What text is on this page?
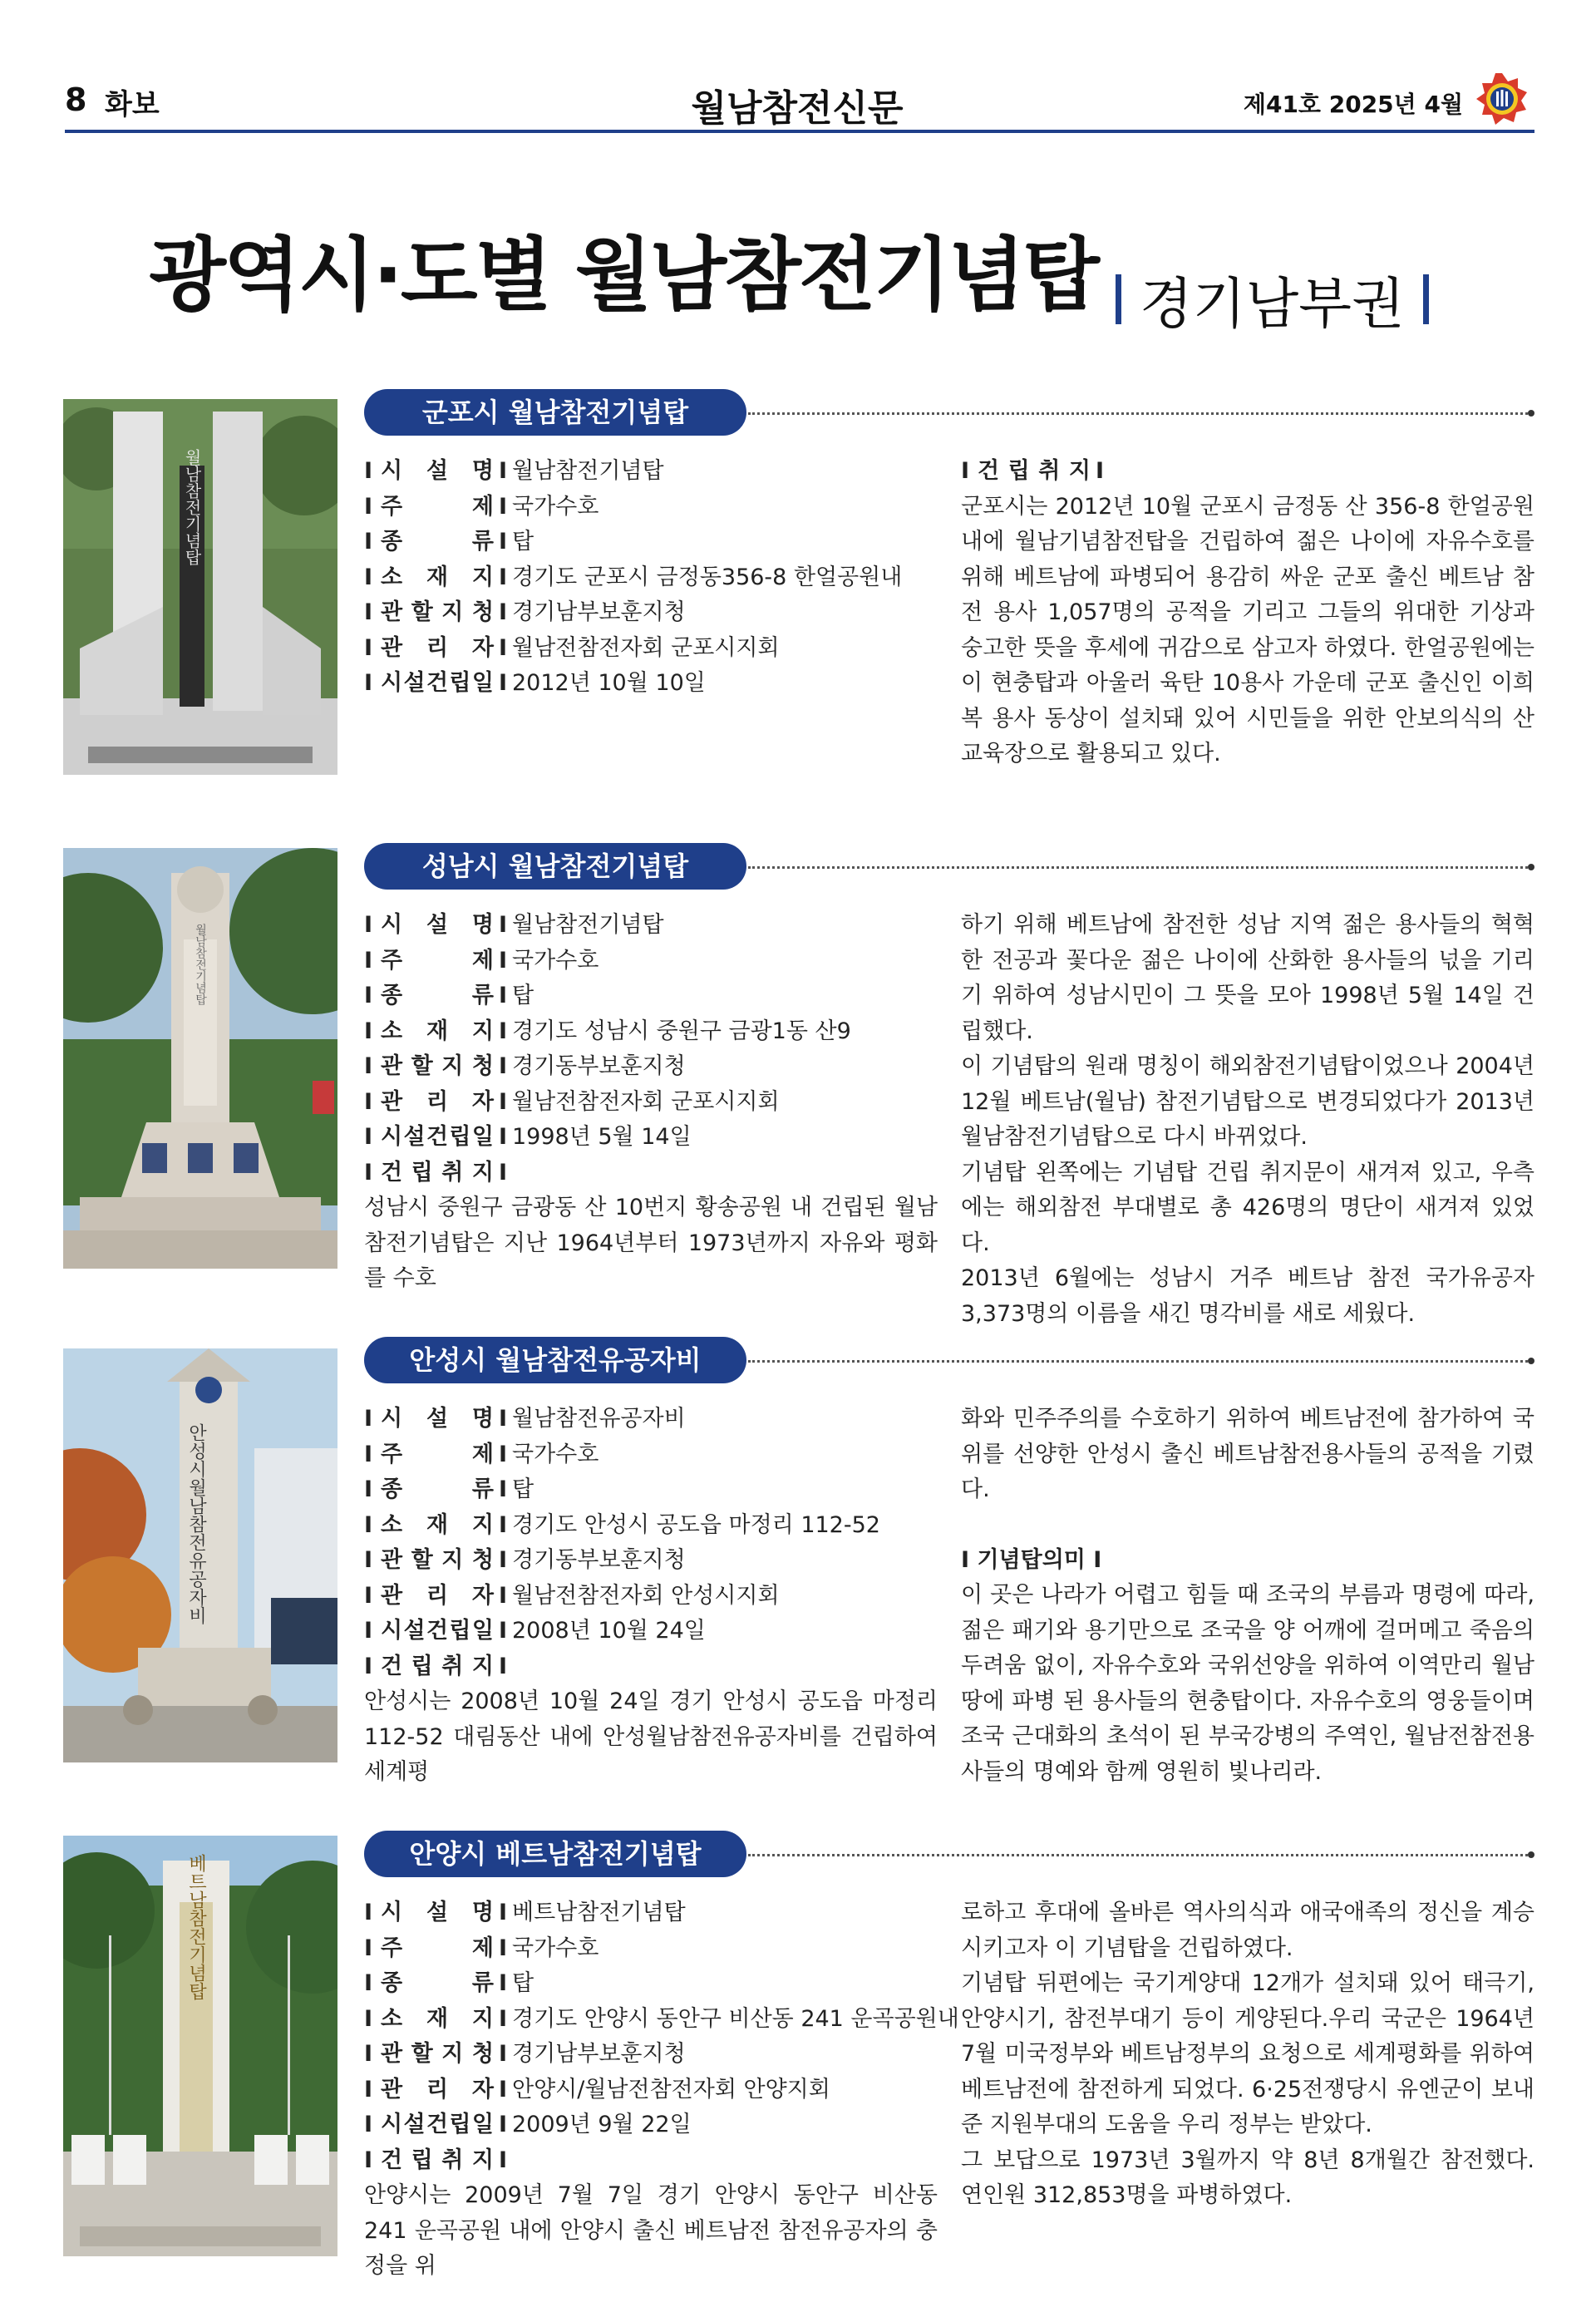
8 화보	월남참전신문	제41호 2025년 4월
광역시·도별 월남참전기념탑 경기남부권
월남참전기념탑
군포시 월남참전기념탑
I 시 설 명 I 월남참전기념탑
I 주	제 I 국가수호
I 종	류 I 탑
I 소 재 지 I 경기도 군포시 금정동356-8 한얼공원내
I 관 할 지 청 I 경기남부보훈지청
I 관 리 자 I 월남전참전자회 군포시지회
I 시 설 건 립 일 I 2012년 10월 10일
I 건 립 취 지 I
군포시는 2012년 10월 군포시 금정동 산 356-8 한얼공원 내에 월남기념참전탑을 건립하여 젊은 나이에 자유수호를 위해 베트남에 파병되어 용감히 싸운 군포 출신 베트남 참전 용사 1,057명의 공적을 기리고 그들의 위대한 기상과 숭고한 뜻을 후세에 귀감으로 삼고자 하였다. 한얼공원에는 이 현충탑과 아울러 육탄 10용사 가운데 군포 출신인 이희복 용사 동상이 설치돼 있어 시민들을 위한 안보의식의 산 교육장으로 활용되고 있다.
월남참전기념탑
성남시 월남참전기념탑
I 시 설 명 I 월남참전기념탑
I 주	제 I 국가수호
I 종	류 I 탑
I 소 재 지 I 경기도 성남시 중원구 금광1동 산9
I 관 할 지 청 I 경기동부보훈지청
I 관 리 자 I 월남전참전자회 군포시지회
I 시 설 건 립 일 I 1998년 5월 14일
I 건 립 취 지 I
성남시 중원구 금광동 산 10번지 황송공원 내 건립된 월남참전기념탑은 지난 1964년부터 1973년까지 자유와 평화를 수호
하기 위해 베트남에 참전한 성남 지역 젊은 용사들의 혁혁한 전공과 꽃다운 젊은 나이에 산화한 용사들의 넋을 기리기 위하여 성남시민이 그 뜻을 모아 1998년 5월 14일 건립했다.
이 기념탑의 원래 명칭이 해외참전기념탑이었으나 2004년 12월 베트남(월남) 참전기념탑으로 변경되었다가 2013년 월남참전기념탑으로 다시 바뀌었다.
기념탑 왼쪽에는 기념탑 건립 취지문이 새겨져 있고, 우측에는 해외참전 부대별로 총 426명의 명단이 새겨져 있었다.
2013년 6월에는 성남시 거주 베트남 참전 국가유공자 3,373명의 이름을 새긴 명각비를 새로 세웠다.
안성시월남참전유공자비
안성시 월남참전유공자비
I 시 설 명 I 월남참전유공자비
I 주	제 I 국가수호
I 종	류 I 탑
I 소 재 지 I 경기도 안성시 공도읍 마정리 112-52
I 관 할 지 청 I 경기동부보훈지청
I 관 리 자 I 월남전참전자회 안성시지회
I 시 설 건 립 일 I 2008년 10월 24일
I 건 립 취 지 I
안성시는 2008년 10월 24일 경기 안성시 공도읍 마정리 112-52 대림동산 내에 안성월남참전유공자비를 건립하여 세계평
화와 민주주의를 수호하기 위하여 베트남전에 참가하여 국위를 선양한 안성시 출신 베트남참전용사들의 공적을 기렸다.
I 기념탑의미 I
이 곳은 나라가 어렵고 힘들 때 조국의 부름과 명령에 따라, 젊은 패기와 용기만으로 조국을 양 어깨에 걸머메고 죽음의 두려움 없이, 자유수호와 국위선양을 위하여 이역만리 월남땅에 파병 된 용사들의 현충탑이다. 자유수호의 영웅들이며 조국 근대화의 초석이 된 부국강병의 주역인, 월남전참전용사들의 명예와 함께 영원히 빛나리라.
베트남참전기념탑	안양시 베트남참전기념탑
I 시 설 명 I 베트남참전기념탑
I 주	제 I 국가수호
I 종	류 I 탑
I 소 재 지 I 경기도 안양시 동안구 비산동 241 운곡공원내
I 관 할 지 청 I 경기남부보훈지청
I 관 리 자 I 안양시/월남전참전자회 안양지회
I 시 설 건 립 일 I 2009년 9월 22일
I 건 립 취 지 I
안양시는 2009년 7월 7일 경기 안양시 동안구 비산동 241 운곡공원 내에 안양시 출신 베트남전 참전유공자의 충정을 위
로하고 후대에 올바른 역사의식과 애국애족의 정신을 계승시키고자 이 기념탑을 건립하였다.
기념탑 뒤편에는 국기게양대 12개가 설치돼 있어 태극기, 안양시기, 참전부대기 등이 게양된다.우리 국군은 1964년 7월 미국정부와 베트남정부의 요청으로 세계평화를 위하여 베트남전에 참전하게 되었다. 6·25전쟁당시 유엔군이 보내준 지원부대의 도움을 우리 정부는 받았다.
그 보답으로 1973년 3월까지 약 8년 8개월간 참전했다. 연인원 312,853명을 파병하였다.
